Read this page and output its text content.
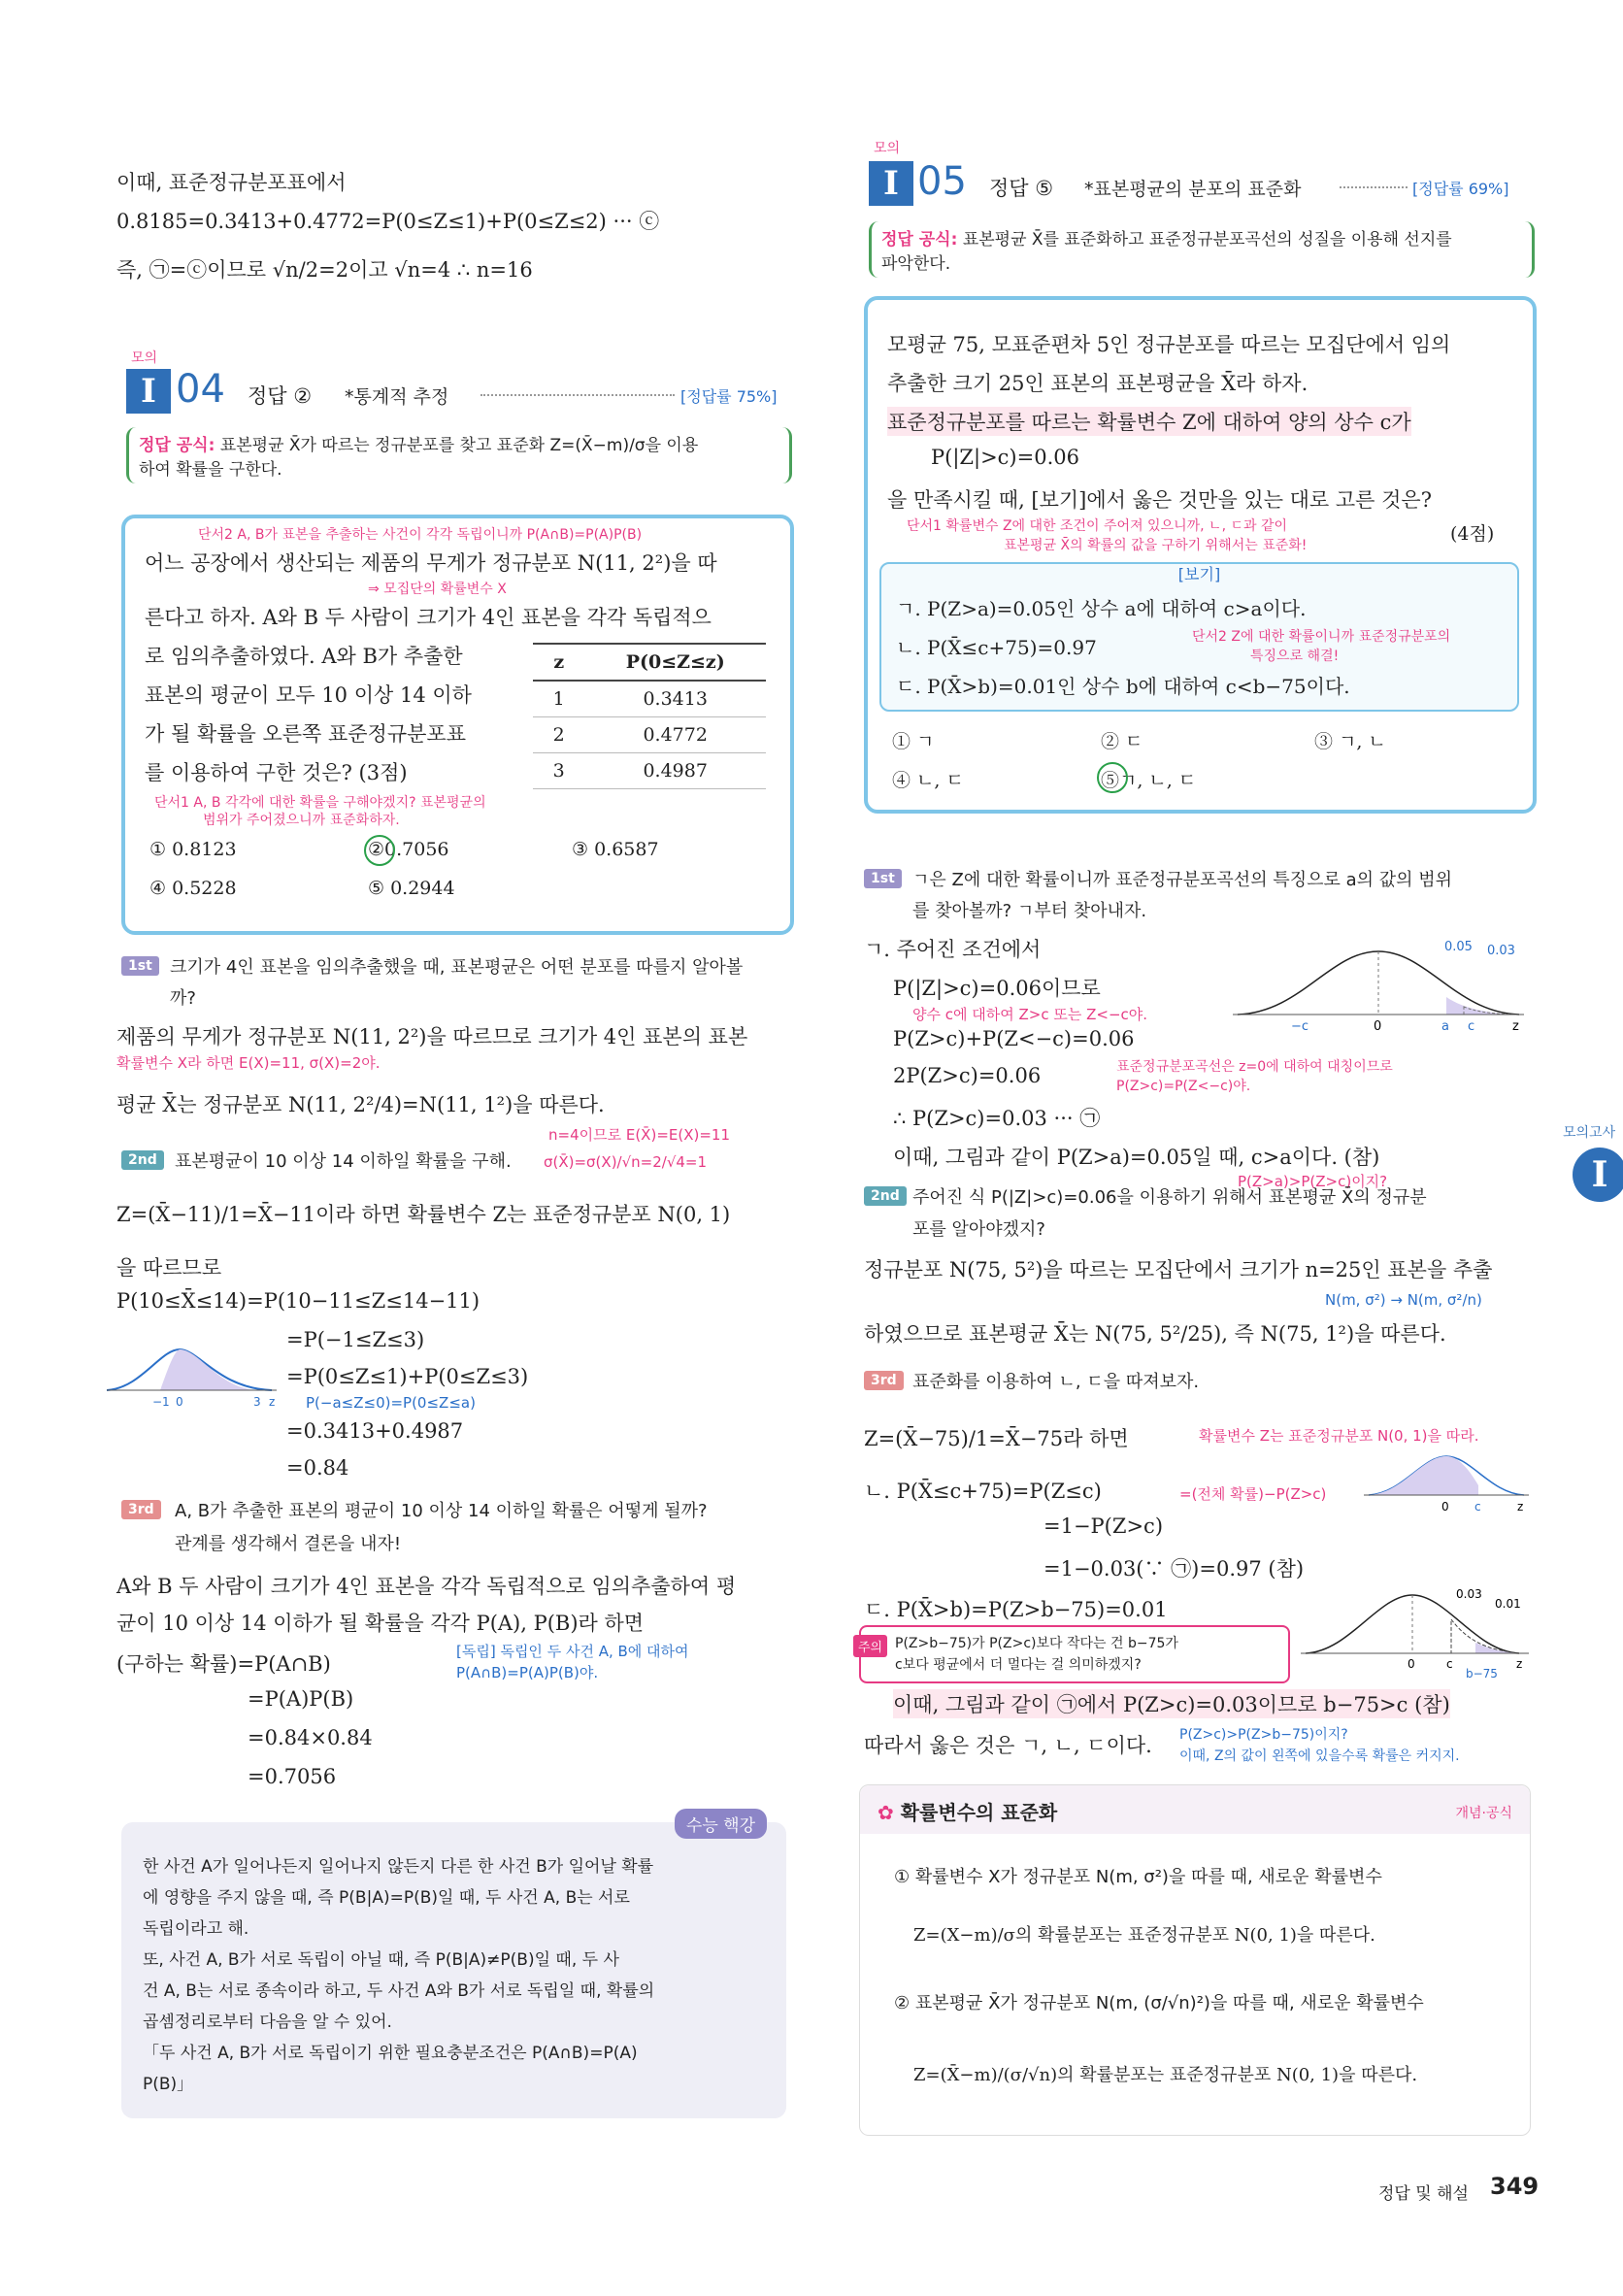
이때, 표준정규분포표에서
0.8185=0.3413+0.4772=P(0≤Z≤1)+P(0≤Z≤2) ··· ⓒ
즉, ㉠=ⓒ이므로 √n/2=2이고 √n=4 ∴ n=16
모의
I 04 정답 ② *통계적 추정	[정답률 75%]
정답 공식: 표본평균 X̄가 따르는 정규분포를 찾고 표준화 Z=(X̄−m)/σ을 이용
하여 확률을 구한다.
단서2 A, B가 표본을 추출하는 사건이 각각 독립이니까 P(A∩B)=P(A)P(B)
어느 공장에서 생산되는 제품의 무게가 정규분포 N(11, 2²)을 따
⇒ 모집단의 확률변수 X
른다고 하자. A와 B 두 사람이 크기가 4인 표본을 각각 독립적으
로 임의추출하였다. A와 B가 추출한
표본의 평균이 모두 10 이상 14 이하
가 될 확률을 오른쪽 표준정규분포표
를 이용하여 구한 것은? (3점)
단서1 A, B 각각에 대한 확률을 구해야겠지? 표본평균의
범위가 주어졌으니까 표준화하자.
z	P(0≤Z≤z)
1	0.3413
2	0.4772
3	0.4987
① 0.8123	②0.7056	③ 0.6587
④ 0.5228	⑤ 0.2944
1st	크기가 4인 표본을 임의추출했을 때, 표본평균은 어떤 분포를 따를지 알아볼
까?
제품의 무게가 정규분포 N(11, 2²)을 따르므로 크기가 4인 표본의 표본
확률변수 X라 하면 E(X)=11, σ(X)=2야.
평균 X̄는 정규분포 N(11, 2²/4)=N(11, 1²)을 따른다.
n=4이므로 E(X̄)=E(X)=11
2nd	표본평균이 10 이상 14 이하일 확률을 구해. σ(X̄)=σ(X)/√n=2/√4=1
Z=(X̄−11)/1=X̄−11이라 하면 확률변수 Z는 표준정규분포 N(0, 1)
을 따르므로
P(10≤X̄≤14)=P(10−11≤Z≤14−11)
=P(−1≤Z≤3)
−1 0	3 z
=P(0≤Z≤1)+P(0≤Z≤3)
P(−a≤Z≤0)=P(0≤Z≤a)
=0.3413+0.4987
=0.84
3rd	A, B가 추출한 표본의 평균이 10 이상 14 이하일 확률은 어떻게 될까?
관계를 생각해서 결론을 내자!
A와 B 두 사람이 크기가 4인 표본을 각각 독립적으로 임의추출하여 평
균이 10 이상 14 이하가 될 확률을 각각 P(A), P(B)라 하면
(구하는 확률)=P(A∩B)
[독립] 독립인 두 사건 A, B에 대하여
P(A∩B)=P(A)P(B)야.
=P(A)P(B)
=0.84×0.84
=0.7056
수능 핵강
한 사건 A가 일어나든지 일어나지 않든지 다른 한 사건 B가 일어날 확률
에 영향을 주지 않을 때, 즉 P(B|A)=P(B)일 때, 두 사건 A, B는 서로
독립이라고 해.
또, 사건 A, B가 서로 독립이 아닐 때, 즉 P(B|A)≠P(B)일 때, 두 사
건 A, B는 서로 종속이라 하고, 두 사건 A와 B가 서로 독립일 때, 확률의
곱셈정리로부터 다음을 알 수 있어.
「두 사건 A, B가 서로 독립이기 위한 필요충분조건은 P(A∩B)=P(A)
P(B)」
모의
I 05 정답 ⑤ *표본평균의 분포의 표준화	[정답률 69%]
정답 공식: 표본평균 X̄를 표준화하고 표준정규분포곡선의 성질을 이용해 선지를
파악한다.
모평균 75, 모표준편차 5인 정규분포를 따르는 모집단에서 임의
추출한 크기 25인 표본의 표본평균을 X̄라 하자.
표준정규분포를 따르는 확률변수 Z에 대하여 양의 상수 c가
P(|Z|>c)=0.06
을 만족시킬 때, [보기]에서 옳은 것만을 있는 대로 고른 것은?
단서1 확률변수 Z에 대한 조건이 주어져 있으니까, ㄴ, ㄷ과 같이
표본평균 X̄의 확률의 값을 구하기 위해서는 표준화!
(4점)
[보기]
ㄱ. P(Z>a)=0.05인 상수 a에 대하여 c>a이다.
ㄴ. P(X̄≤c+75)=0.97	단서2 Z에 대한 확률이니까 표준정규분포의
특징으로 해결!
ㄷ. P(X̄>b)=0.01인 상수 b에 대하여 c<b−75이다.
① ㄱ	② ㄷ	③ ㄱ, ㄴ
④ ㄴ, ㄷ	⑤ㄱ, ㄴ, ㄷ
1st	ㄱ은 Z에 대한 확률이니까 표준정규분포곡선의 특징으로 a의 값의 범위
를 찾아볼까? ㄱ부터 찾아내자.
ㄱ. 주어진 조건에서
P(|Z|>c)=0.06이므로
양수 c에 대하여 Z>c 또는 Z<−c야.
P(Z>c)+P(Z<−c)=0.06
표준정규분포곡선은 z=0에 대하여 대칭이므로
P(Z>c)=P(Z<−c)야.
2P(Z>c)=0.06
∴ P(Z>c)=0.03 ··· ㉠
이때, 그림과 같이 P(Z>a)=0.05일 때, c>a이다. (참)
P(Z>a)>P(Z>c)이지?
0.05 0.03
−c	0	a c	z
2nd 주어진 식 P(|Z|>c)=0.06을 이용하기 위해서 표본평균 X̄의 정규분
포를 알아야겠지?
정규분포 N(75, 5²)을 따르는 모집단에서 크기가 n=25인 표본을 추출
N(m, σ²) → N(m, σ²/n)
하였으므로 표본평균 X̄는 N(75, 5²/25), 즉 N(75, 1²)을 따른다.
3rd 표준화를 이용하여 ㄴ, ㄷ을 따져보자.
Z=(X̄−75)/1=X̄−75라 하면	확률변수 Z는 표준정규분포 N(0, 1)을 따라.
ㄴ. P(X̄≤c+75)=P(Z≤c)	=(전체 확률)−P(Z>c)
=1−P(Z>c)
=1−0.03(∵ ㉠)=0.97 (참)
0 c	z
ㄷ. P(X̄>b)=P(Z>b−75)=0.01
주의 P(Z>b−75)가 P(Z>c)보다 작다는 건 b−75가
c보다 평균에서 더 멀다는 걸 의미하겠지?
0.03
0.01
0	c	z
b−75
이때, 그림과 같이 ㉠에서 P(Z>c)=0.03이므로 b−75>c (참)
따라서 옳은 것은 ㄱ, ㄴ, ㄷ이다. P(Z>c)>P(Z>b−75)이지?
이때, Z의 값이 왼쪽에 있을수록 확률은 커지지.
✿ 확률변수의 표준화	개념·공식
① 확률변수 X가 정규분포 N(m, σ²)을 따를 때, 새로운 확률변수
Z=(X−m)/σ의 확률분포는 표준정규분포 N(0, 1)을 따른다.
② 표본평균 X̄가 정규분포 N(m, (σ/√n)²)을 따를 때, 새로운 확률변수
Z=(X̄−m)/(σ/√n)의 확률분포는 표준정규분포 N(0, 1)을 따른다.
모의고사
I
정답 및 해설 349
